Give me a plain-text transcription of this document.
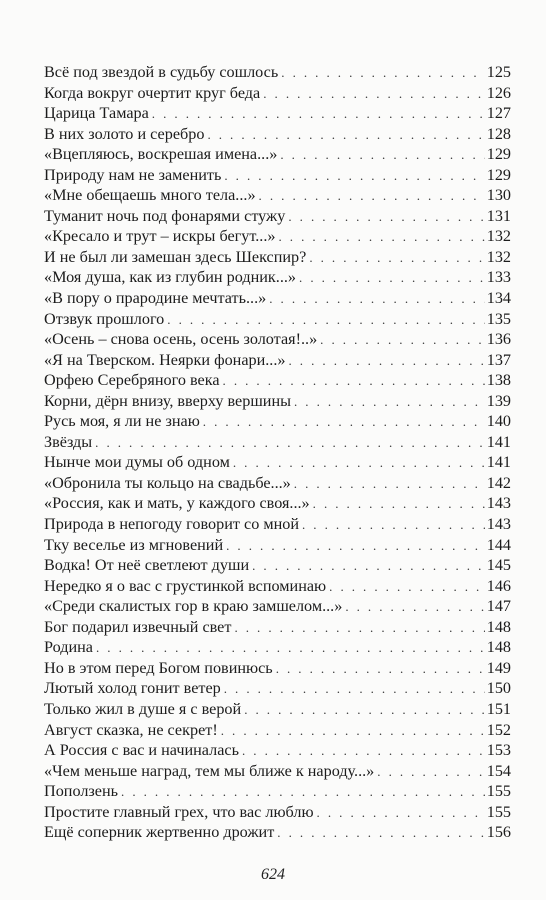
Всё под звездой в судьбу сошлось . . .	125
Когда вокруг очертит круг беда . . .	126
Царица Тамара . . .	127
В них золото и серебро . . .	128
«Вцепляюсь, воскрешая имена...» . . .	129
Природу нам не заменить . . .	129
«Мне обещаешь много тела...» . . .	130
Туманит ночь под фонарями стужу . . .	131
«Кресало и трут – искры бегут...» . . .	132
И не был ли замешан здесь Шекспир? . . .	132
«Моя душа, как из глубин родник...» . . .	133
«В пору о прародине мечтать...» . . .	134
Отзвук прошлого . . .	135
«Осень – снова осень, осень золотая!..» . . .	136
«Я на Тверском. Неярки фонари...» . . .	137
Орфею Серебряного века . . .	138
Корни, дёрн внизу, вверху вершины . . .	139
Русь моя, я ли не знаю . . .	140
Звёзды . . .	141
Нынче мои думы об одном . . .	141
«Обронила ты кольцо на свадьбе...» . . .	142
«Россия, как и мать, у каждого своя...» . . .	143
Природа в непогоду говорит со мной . . .	143
Тку веселье из мгновений . . .	144
Водка! От неё светлеют души . . .	145
Нередко я о вас с грустинкой вспоминаю . . .	146
«Среди скалистых гор в краю замшелом...» . . .	147
Бог подарил извечный свет . . .	148
Родина . . .	148
Но в этом перед Богом повинюсь . . .	149
Лютый холод гонит ветер . . .	150
Только жил в душе я с верой . . .	151
Август сказка, не секрет! . . .	152
А Россия с вас и начиналась . . .	153
«Чем меньше наград, тем мы ближе к народу...» . . .	154
Поползень . . .	155
Простите главный грех, что вас люблю . . .	155
Ещё соперник жертвенно дрожит . . .	156
624
